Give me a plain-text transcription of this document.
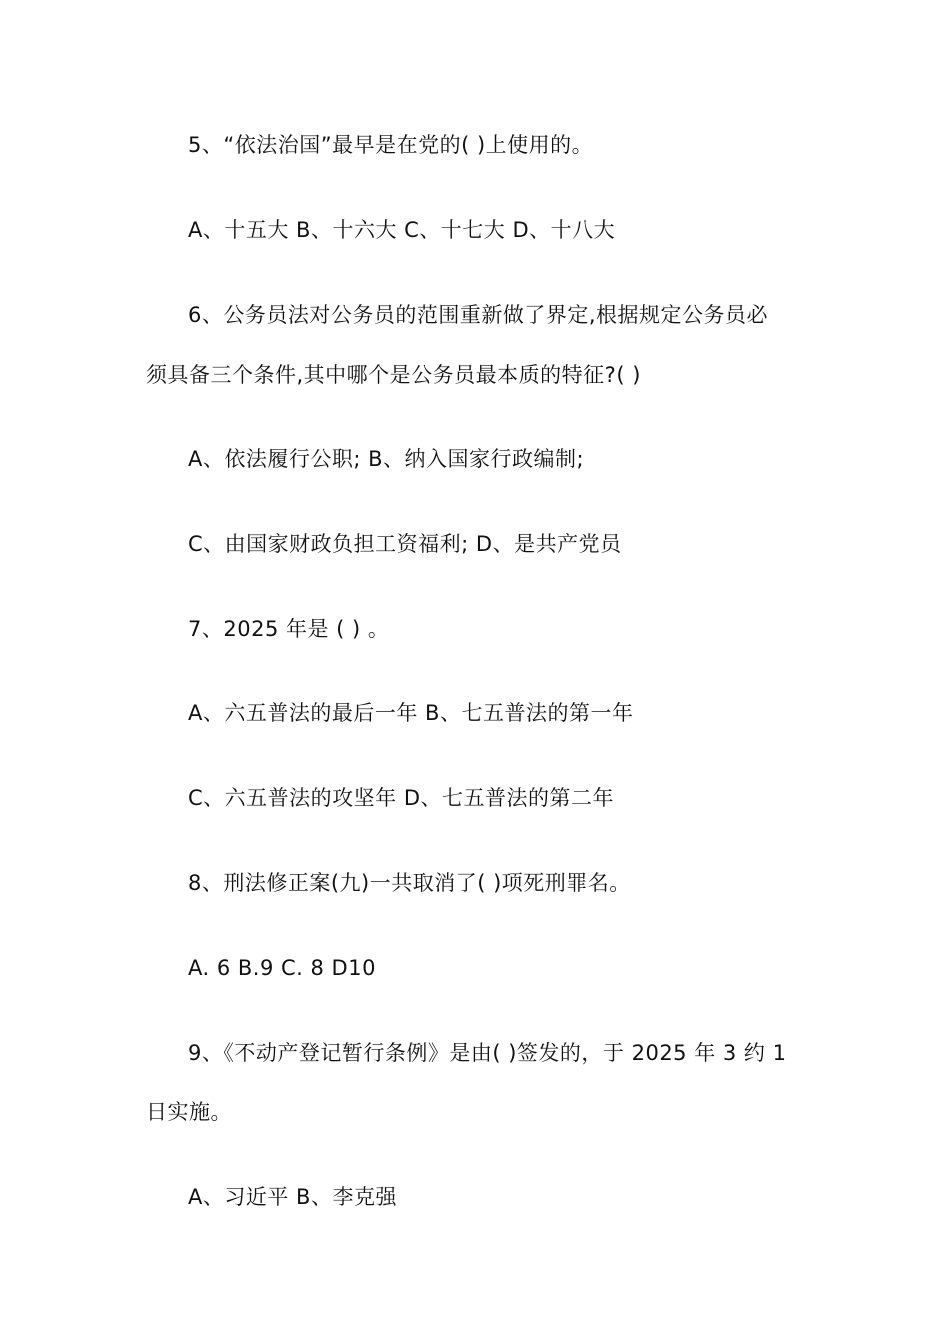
5、“依法治国”最早是在党的( )上使用的。
A、十五大 B、十六大 C、十七大 D、十八大
6、公务员法对公务员的范围重新做了界定,根据规定公务员必
须具备三个条件,其中哪个是公务员最本质的特征?( )
A、依法履行公职; B、纳入国家行政编制;
C、由国家财政负担工资福利; D、是共产党员
7、2025 年是 ( ) 。
A、六五普法的最后一年 B、七五普法的第一年
C、六五普法的攻坚年 D、七五普法的第二年
8、刑法修正案(九)一共取消了( )项死刑罪名。
A. 6 B.9 C. 8 D10
9、《不动产登记暂行条例》是由( )签发的，于 2025 年 3 约 1
日实施。
A、习近平 B、李克强
